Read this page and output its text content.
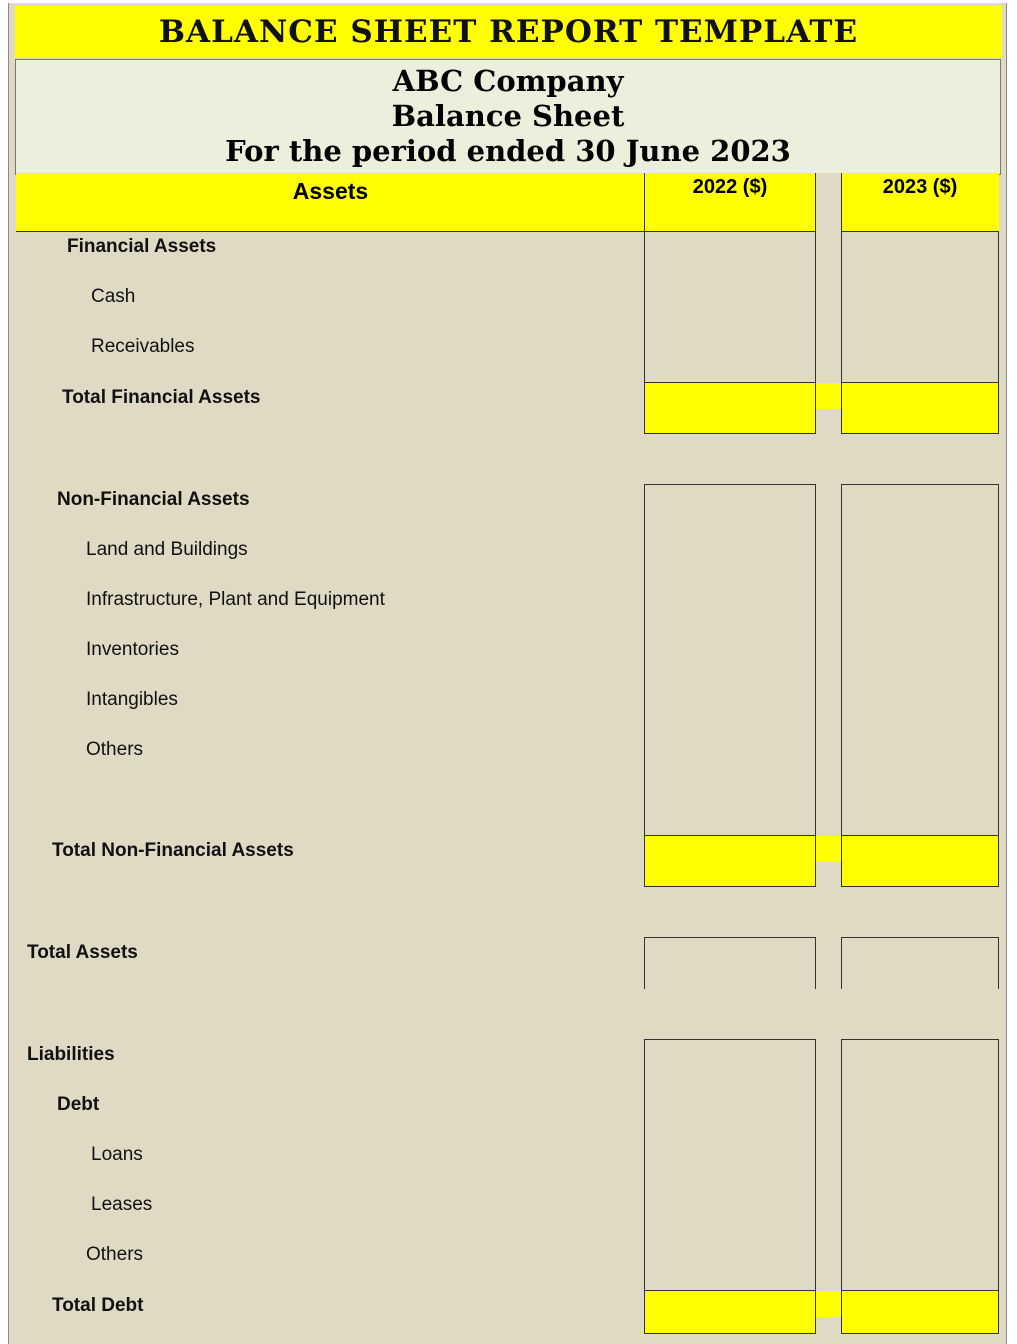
BALANCE SHEET REPORT TEMPLATE
ABC Company
Balance Sheet
For the period ended 30 June 2023
Assets	2022 ($)	2023 ($)
Financial Assets
Cash
Receivables
Total Financial Assets
Non-Financial Assets
Land and Buildings
Infrastructure, Plant and Equipment
Inventories
Intangibles
Others
Total Non-Financial Assets
Total Assets
Liabilities
Debt
Loans
Leases
Others
Total Debt
